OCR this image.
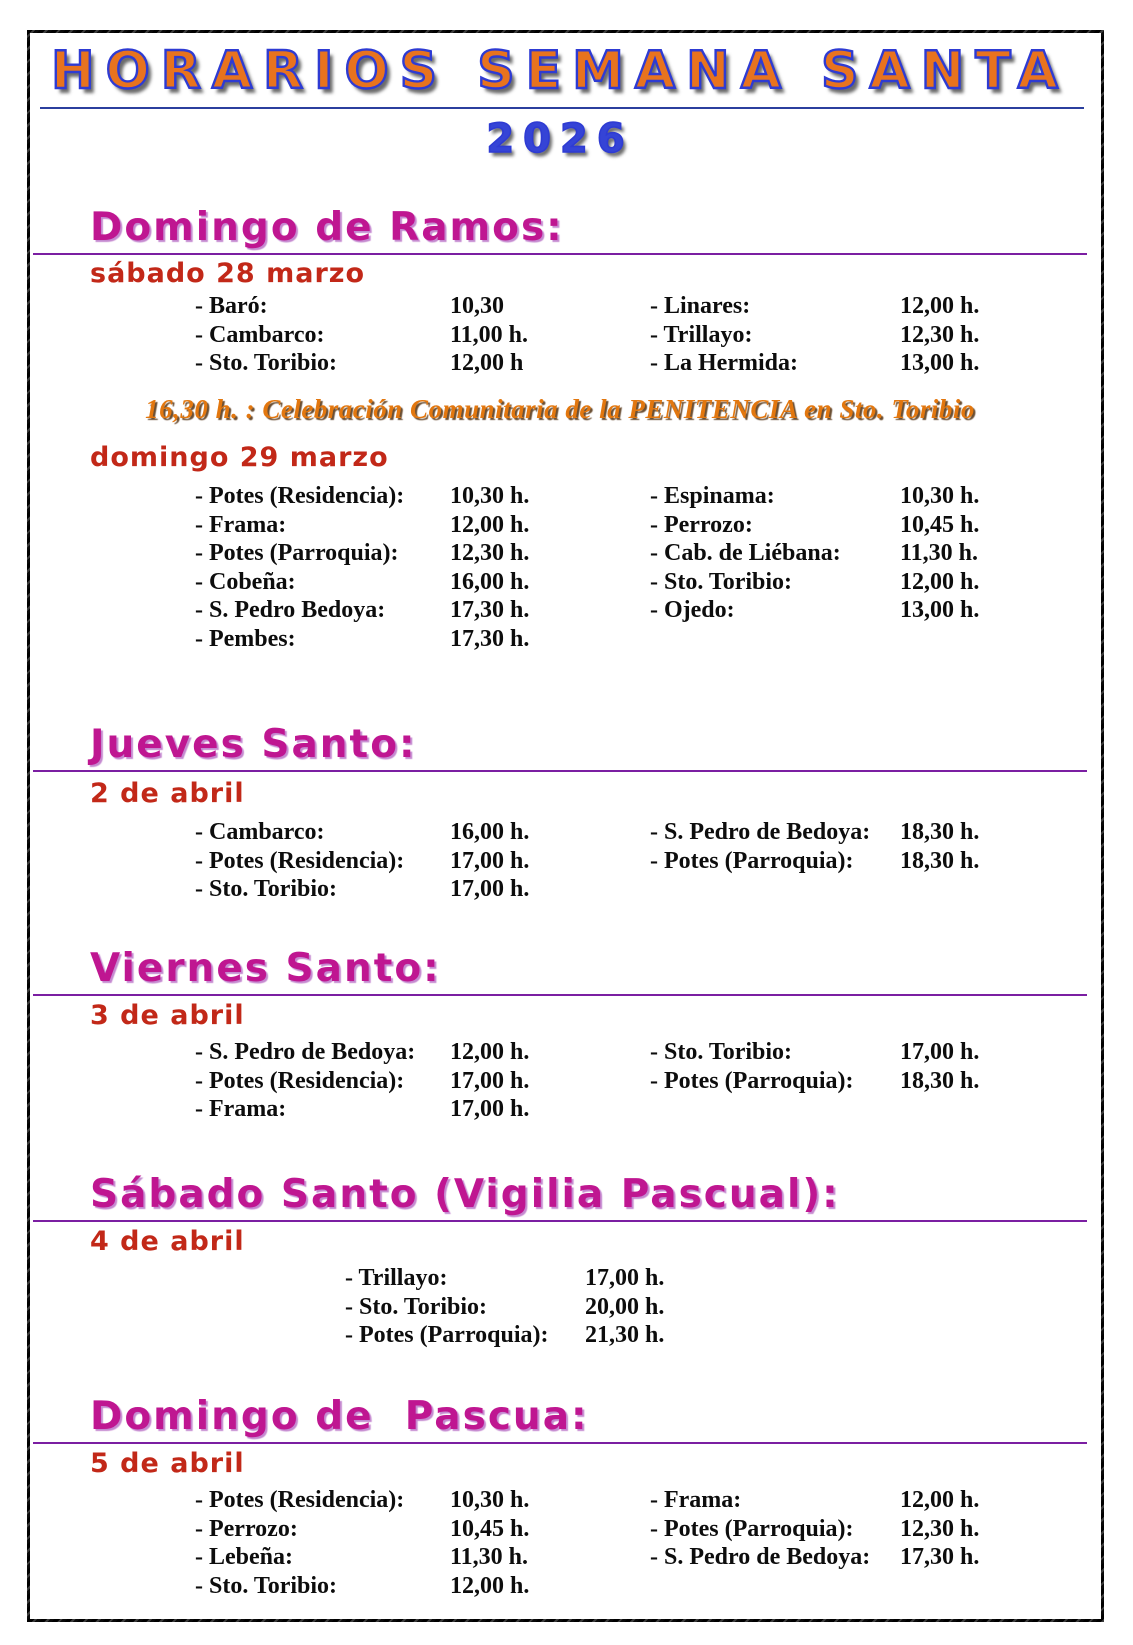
HORARIOS SEMANA SANTA
2026
Domingo de Ramos:
sábado 28 marzo
- Baró:	10,30	- Linares:	12,00 h.
- Cambarco:	11,00 h.	- Trillayo:	12,30 h.
- Sto. Toribio:	12,00 h	- La Hermida:	13,00 h.
16,30 h. : Celebración Comunitaria de la PENITENCIA en Sto. Toribio
domingo 29 marzo
- Potes (Residencia):	10,30 h.	- Espinama:	10,30 h.
- Frama:	12,00 h.	- Perrozo:	10,45 h.
- Potes (Parroquia):	12,30 h.	- Cab. de Liébana:	11,30 h.
- Cobeña:	16,00 h.	- Sto. Toribio:	12,00 h.
- S. Pedro Bedoya:	17,30 h.	- Ojedo:	13,00 h.
- Pembes:	17,30 h.
Jueves Santo:
2 de abril
- Cambarco:	16,00 h.	- S. Pedro de Bedoya:	18,30 h.
- Potes (Residencia):	17,00 h.	- Potes (Parroquia):	18,30 h.
- Sto. Toribio:	17,00 h.
Viernes Santo:
3 de abril
- S. Pedro de Bedoya:	12,00 h.	- Sto. Toribio:	17,00 h.
- Potes (Residencia):	17,00 h.	- Potes (Parroquia):	18,30 h.
- Frama:	17,00 h.
Sábado Santo (Vigilia Pascual):
4 de abril
- Trillayo:	17,00 h.
- Sto. Toribio:	20,00 h.
- Potes (Parroquia):	21,30 h.
Domingo de  Pascua:
5 de abril
- Potes (Residencia):	10,30 h.	- Frama:	12,00 h.
- Perrozo:	10,45 h.	- Potes (Parroquia):	12,30 h.
- Lebeña:	11,30 h.	- S. Pedro de Bedoya:	17,30 h.
- Sto. Toribio:	12,00 h.
